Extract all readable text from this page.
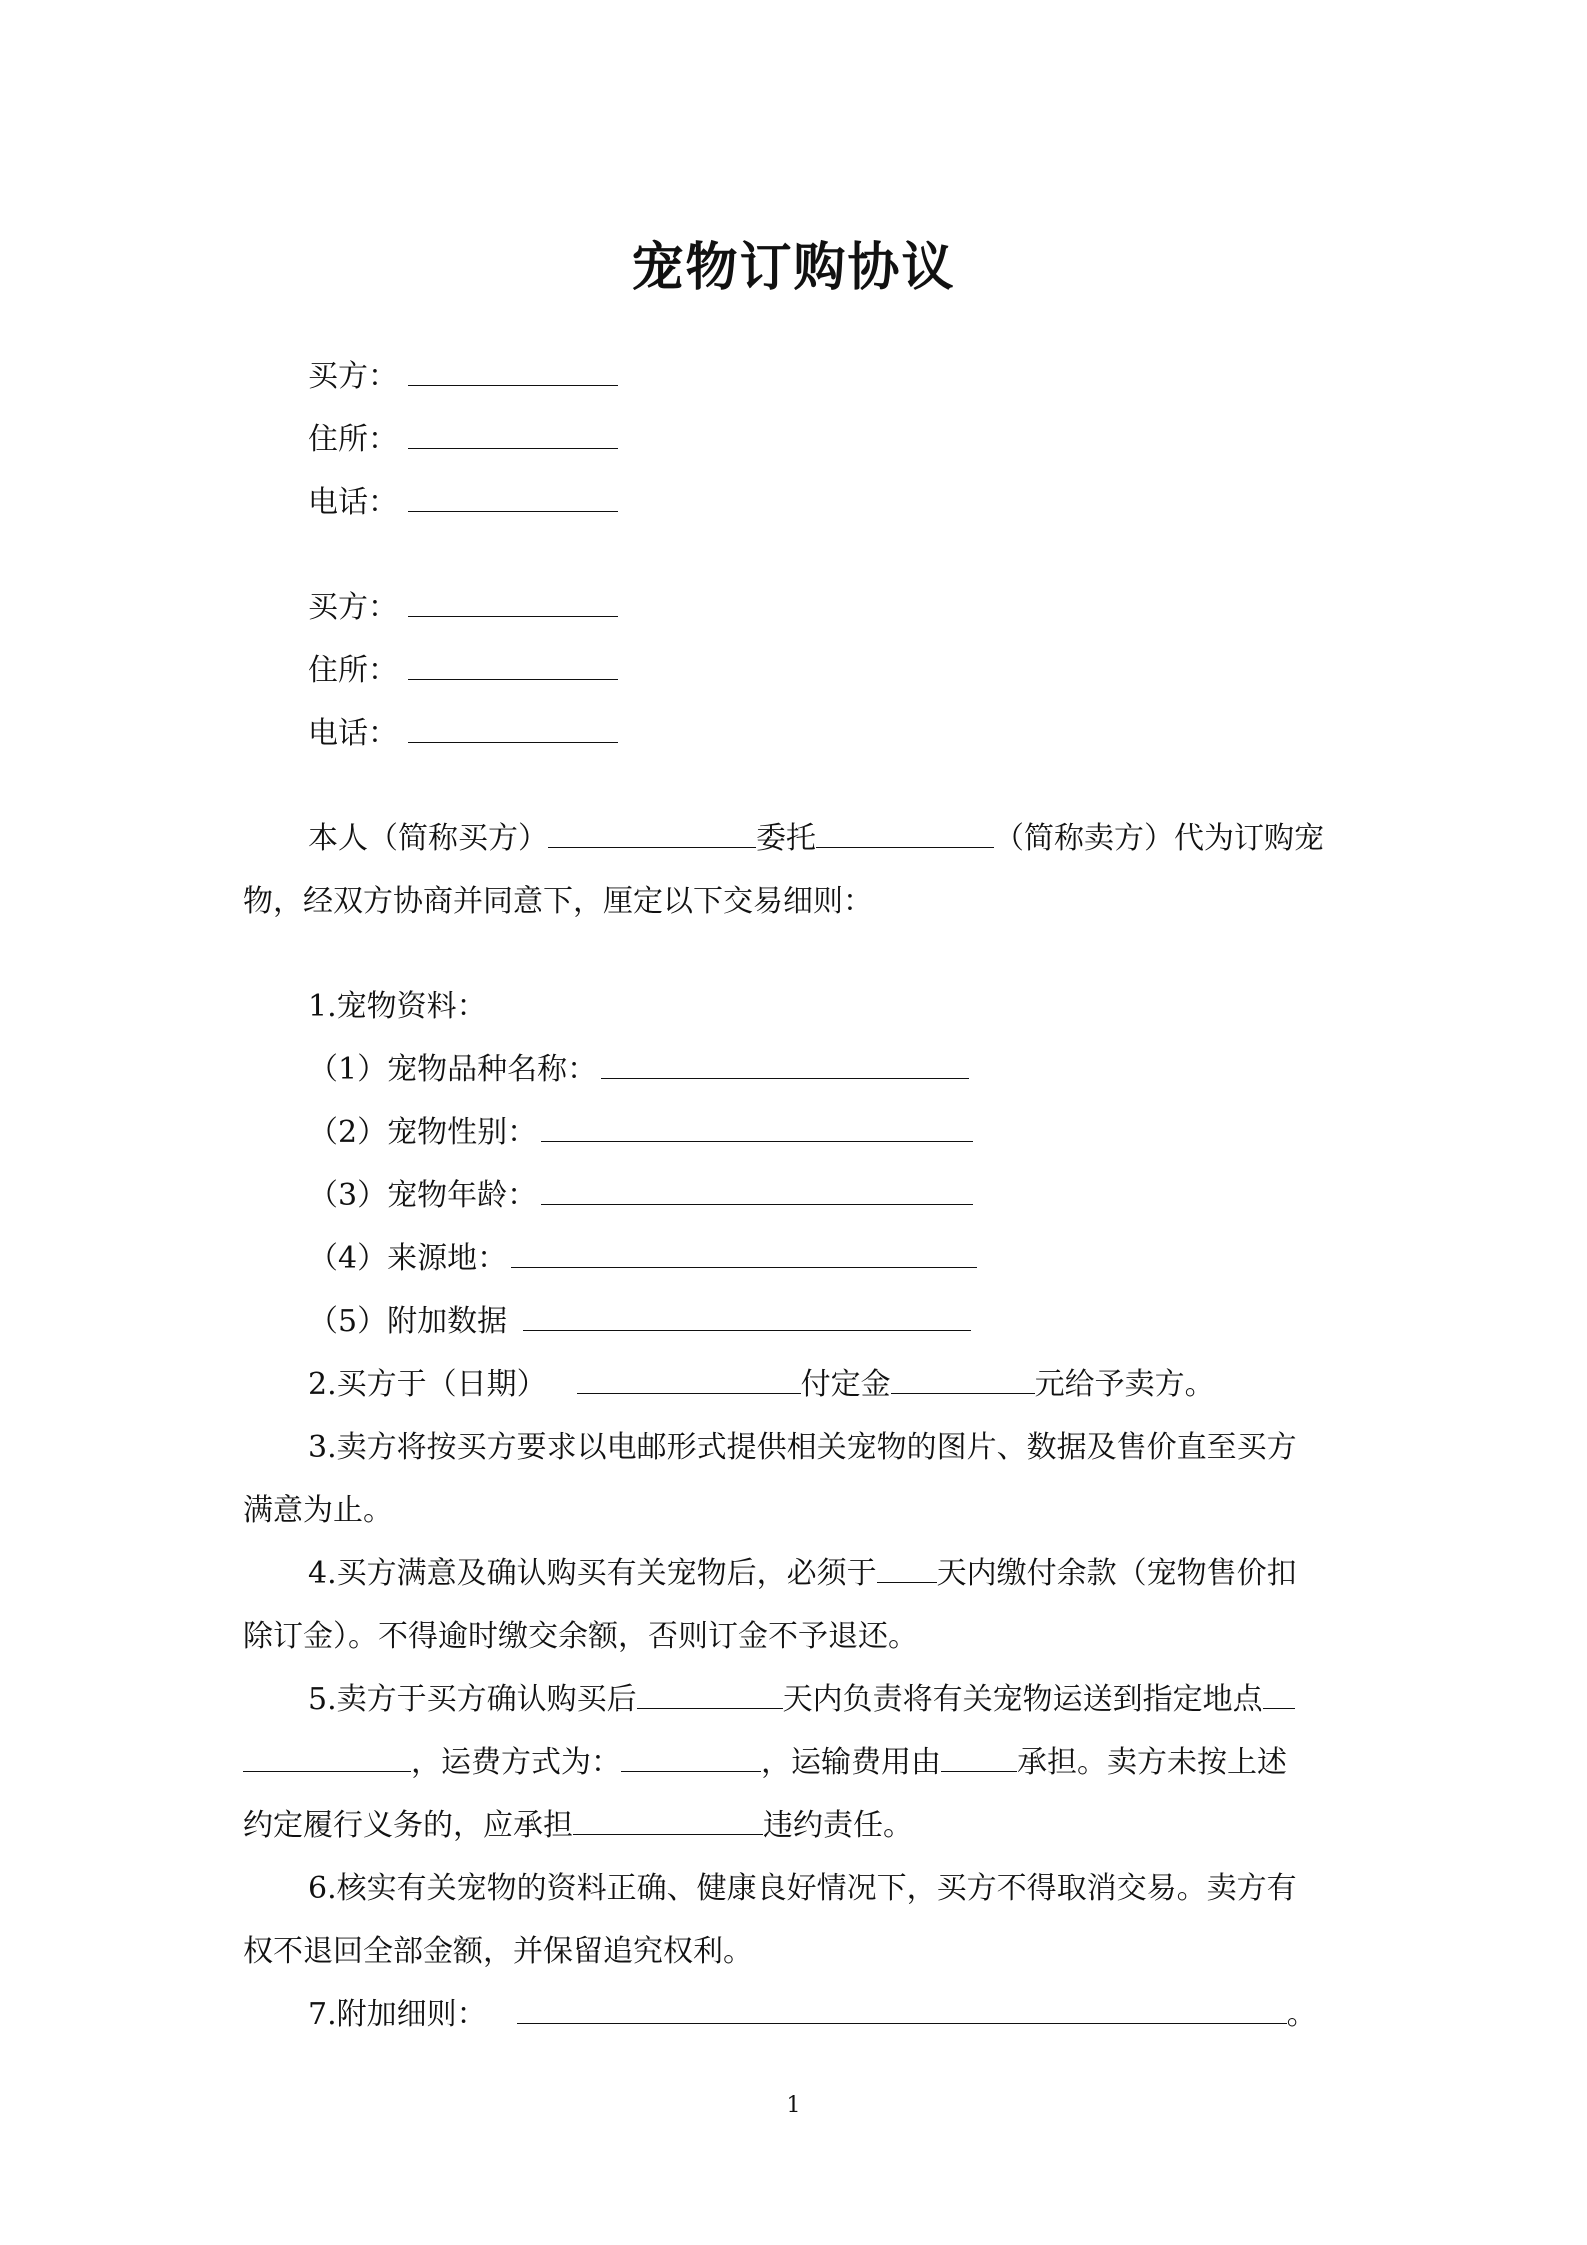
宠物订购协议
买方：
住所：
电话：
买方：
住所：
电话：
本人（简称买方）	委托	（简称卖方）代为订购宠
物，经双方协商并同意下，厘定以下交易细则：
1.宠物资料：
（1）宠物品种名称：
（2）宠物性别：
（3）宠物年龄：
（4）来源地：
（5）附加数据
2.买方于（日期）	付定金	元给予卖方。
3.卖方将按买方要求以电邮形式提供相关宠物的图片、数据及售价直至买方
满意为止。
4.买方满意及确认购买有关宠物后，必须于 天内缴付余款（宠物售价扣
除订金）。不得逾时缴交余额，否则订金不予退还。
5.卖方于买方确认购买后	天内负责将有关宠物运送到指定地点
，运费方式为：	，运输费用由	承担。卖方未按上述
约定履行义务的，应承担	违约责任。
6.核实有关宠物的资料正确、健康良好情况下，买方不得取消交易。卖方有
权不退回全部金额，并保留追究权利。
7.附加细则：	。
1
